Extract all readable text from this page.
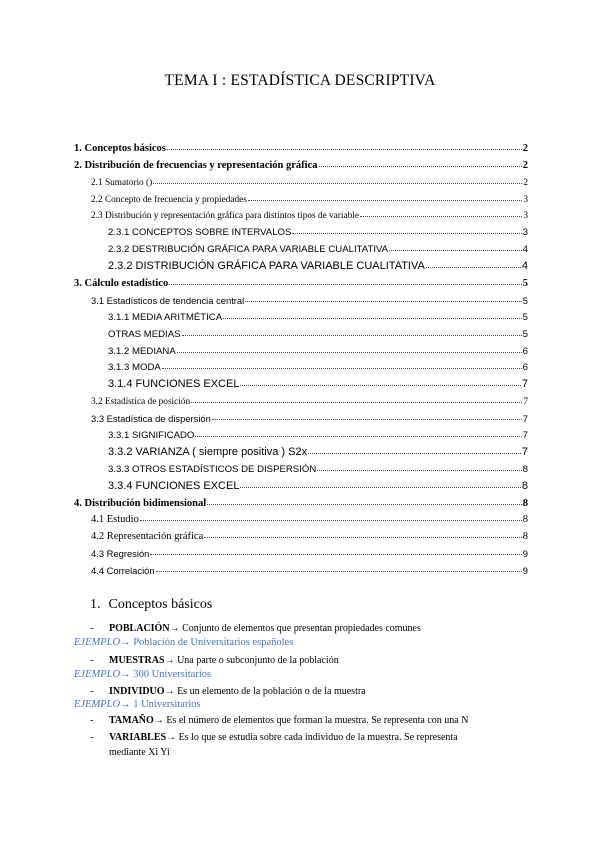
TEMA I : ESTADÍSTICA DESCRIPTIVA
1. Conceptos básicos	2
2. Distribución de frecuencias y representación gráfica	2
2.1 Sumatorio ()	2
2.2 Concepto de frecuencia y propiedades	3
2.3 Distribución y representación gráfica para distintos tipos de variable	3
2.3.1 CONCEPTOS SOBRE INTERVALOS	3
2.3.2 DESTRIBUCIÓN GRÁFICA PARA VARIABLE CUALITATIVA	4
2.3.2 DISTRIBUCIÓN GRÁFICA PARA VARIABLE CUALITATIVA	4
3. Cálculo estadístico	5
3.1 Estadísticos de tendencia central	5
3.1.1 MEDIA ARITMÉTICA	5
OTRAS MEDIAS	5
3.1.2 MEDIANA	6
3.1.3 MODA	6
3.1.4 FUNCIONES EXCEL	7
3.2 Estadística de posición	7
3.3 Estadística de dispersión	7
3.3.1 SIGNIFICADO	7
3.3.2 VARIANZA ( siempre positiva ) S2x	7
3.3.3 OTROS ESTADÍSTICOS DE DISPERSIÓN	8
3.3.4 FUNCIONES EXCEL	8
4. Distribución bidimensional	8
4.1 Estudio	8
4.2 Representación gráfica	8
4.3 Regresión	9
4.4 Correlación	9
1. Conceptos básicos
- POBLACIÓN→ Conjunto de elementos que presentan propiedades comunes
EJEMPLO→ Población de Universitarios españoles
- MUESTRAS→ Una parte o subconjunto de la población
EJEMPLO→ 300 Universitarios
- INDIVIDUO→ Es un elemento de la población o de la muestra
EJEMPLO→ 1 Universitarios
- TAMAÑO→ Es el número de elementos que forman la muestra. Se representa con una N
- VARIABLES→ Es lo que se estudia sobre cada individuo de la muestra. Se representa
mediante Xi Yi
